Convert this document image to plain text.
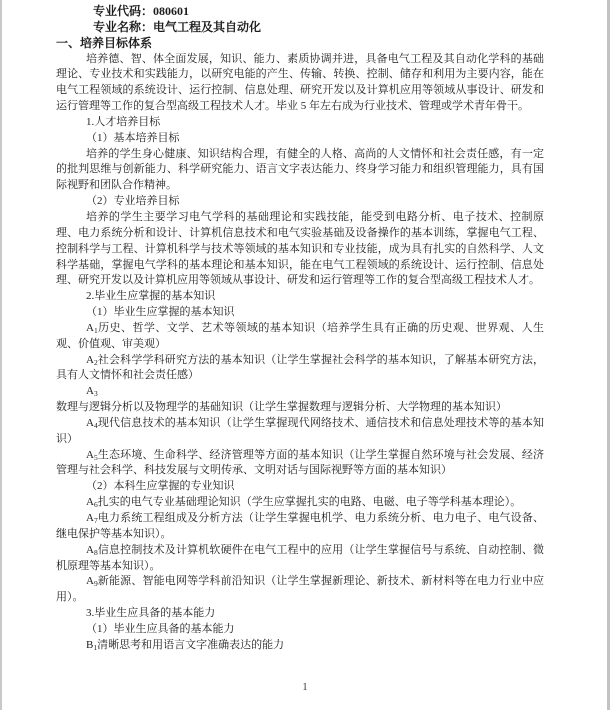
专业代码：080601
专业名称：电气工程及其自动化
一、培养目标体系
培养德、智、体全面发展，知识、能力、素质协调并进，具备电气工程及其自动化学科的基础理论、专业技术和实践能力，以研究电能的产生、传输、转换、控制、储存和利用为主要内容，能在电气工程领域的系统设计、运行控制、信息处理、研究开发以及计算机应用等领域从事设计、研发和运行管理等工作的复合型高级工程技术人才。毕业 5 年左右成为行业技术、管理或学术青年骨干。
1.人才培养目标
（1）基本培养目标
培养的学生身心健康、知识结构合理，有健全的人格、高尚的人文情怀和社会责任感，有一定的批判思维与创新能力、科学研究能力、语言文字表达能力、终身学习能力和组织管理能力，具有国际视野和团队合作精神。
（2）专业培养目标
培养的学生主要学习电气学科的基础理论和实践技能，能受到电路分析、电子技术、控制原理、电力系统分析和设计、计算机信息技术和电气实验基础及设备操作的基本训练，掌握电气工程、控制科学与工程、计算机科学与技术等领域的基本知识和专业技能，成为具有扎实的自然科学、人文科学基础，掌握电气学科的基本理论和基本知识，能在电气工程领域的系统设计、运行控制、信息处理、研究开发以及计算机应用等领域从事设计、研发和运行管理等工作的复合型高级工程技术人才。
2.毕业生应掌握的基本知识
（1）毕业生应掌握的基本知识
$A_1$历史、哲学、文学、艺术等领域的基本知识（培养学生具有正确的历史观、世界观、人生观、价值观、审美观）
$A_2$社会科学学科研究方法的基本知识（让学生掌握社会科学的基本知识，了解基本研究方法，具有人文情怀和社会责任感）
$A_3$数理与逻辑分析以及物理学的基础知识（让学生掌握数理与逻辑分析、大学物理的基本知识）
$A_4$现代信息技术的基本知识（让学生掌握现代网络技术、通信技术和信息处理技术等的基本知识）
$A_5$生态环境、生命科学、经济管理等方面的基本知识（让学生掌握自然环境与社会发展、经济管理与社会科学、科技发展与文明传承、文明对话与国际视野等方面的基本知识）
（2）本科生应掌握的专业知识
$A_6$扎实的电气专业基础理论知识（学生应掌握扎实的电路、电磁、电子等学科基本理论）。
$A_7$电力系统工程组成及分析方法（让学生掌握电机学、电力系统分析、电力电子、电气设备、继电保护等基本知识）。
$A_8$信息控制技术及计算机软硬件在电气工程中的应用（让学生掌握信号与系统、自动控制、微机原理等基本知识）。
$A_9$新能源、智能电网等学科前沿知识（让学生掌握新理论、新技术、新材料等在电力行业中应用）。
3.毕业生应具备的基本能力
（1）毕业生应具备的基本能力
$B_1$清晰思考和用语言文字准确表达的能力
1
